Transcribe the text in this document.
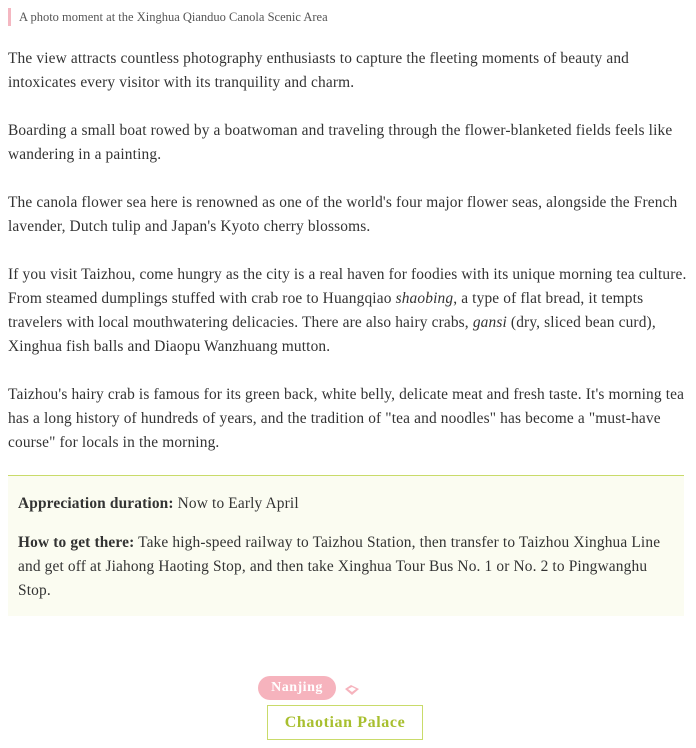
A photo moment at the Xinghua Qianduo Canola Scenic Area

The view attracts countless photography enthusiasts to capture the fleeting moments of beauty and intoxicates every visitor with its tranquility and charm.

Boarding a small boat rowed by a boatwoman and traveling through the flower-blanketed fields feels like wandering in a painting.

The canola flower sea here is renowned as one of the world's four major flower seas, alongside the French lavender, Dutch tulip and Japan's Kyoto cherry blossoms.

If you visit Taizhou, come hungry as the city is a real haven for foodies with its unique morning tea culture. From steamed dumplings stuffed with crab roe to Huangqiao shaobing, a type of flat bread, it tempts travelers with local mouthwatering delicacies. There are also hairy crabs, gansi (dry, sliced bean curd), Xinghua fish balls and Diaopu Wanzhuang mutton.

Taizhou's hairy crab is famous for its green back, white belly, delicate meat and fresh taste. It's morning tea has a long history of hundreds of years, and the tradition of "tea and noodles" has become a "must-have course" for locals in the morning.

Appreciation duration: Now to Early April
How to get there: Take high-speed railway to Taizhou Station, then transfer to Taizhou Xinghua Line and get off at Jiahong Haoting Stop, and then take Xinghua Tour Bus No. 1 or No. 2 to Pingwanghu Stop.
Nanjing
Chaotian Palace
